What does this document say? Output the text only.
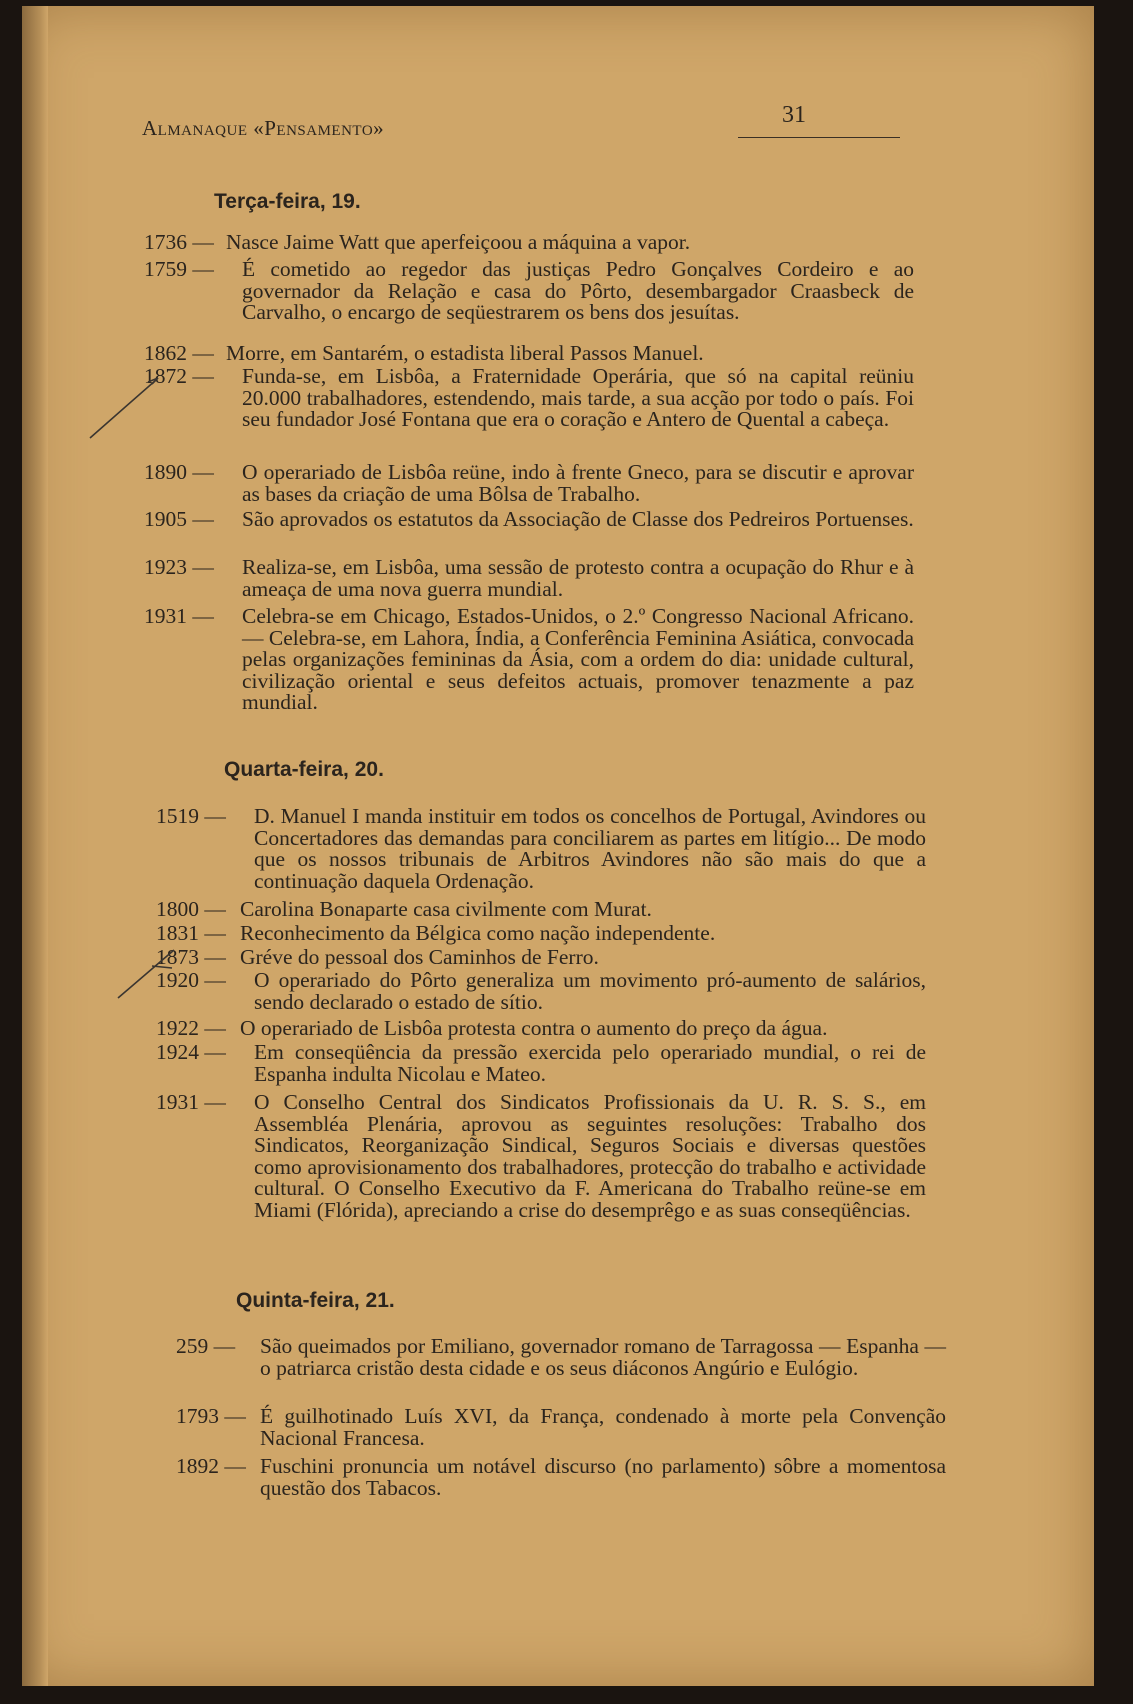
Almanaque «Pensamento»	31
Terça-feira, 19.
1736 — Nasce Jaime Watt que aperfeiçoou a máquina a vapor.
1759 —	É cometido ao regedor das justiças Pedro Gonçalves Cordeiro e ao governador da Relação e casa do Pôrto, desembargador Craasbeck de Carvalho, o encargo de seqüestrarem os bens dos jesuítas.
1862 — Morre, em Santarém, o estadista liberal Passos Manuel.
1872 —	Funda-se, em Lisbôa, a Fraternidade Operária, que só na capital reüniu 20.000 trabalhadores, estendendo, mais tarde, a sua acção por todo o país. Foi seu fundador José Fontana que era o coração e Antero de Quental a cabeça.
1890 —	O operariado de Lisbôa reüne, indo à frente Gneco, para se discutir e aprovar as bases da criação de uma Bôlsa de Trabalho.
1905 —	São aprovados os estatutos da Associação de Classe dos Pedreiros Portuenses.
1923 —	Realiza-se, em Lisbôa, uma sessão de protesto contra a ocupação do Rhur e à ameaça de uma nova guerra mundial.
1931 —	Celebra-se em Chicago, Estados-Unidos, o 2.º Congresso Nacional Africano. — Celebra-se, em Lahora, Índia, a Conferência Feminina Asiática, convocada pelas organizações femininas da Ásia, com a ordem do dia: unidade cultural, civilização oriental e seus defeitos actuais, promover tenazmente a paz mundial.
Quarta-feira, 20.
1519 —	D. Manuel I manda instituir em todos os concelhos de Portugal, Avindores ou Concertadores das demandas para conciliarem as partes em litígio... De modo que os nossos tribunais de Arbitros Avindores não são mais do que a continuação daquela Ordenação.
1800 — Carolina Bonaparte casa civilmente com Murat.
1831 — Reconhecimento da Bélgica como nação independente.
1873 — Gréve do pessoal dos Caminhos de Ferro.
1920 —	O operariado do Pôrto generaliza um movimento pró-aumento de salários, sendo declarado o estado de sítio.
1922 — O operariado de Lisbôa protesta contra o aumento do preço da água.
1924 —	Em conseqüência da pressão exercida pelo operariado mundial, o rei de Espanha indulta Nicolau e Mateo.
1931 —	O Conselho Central dos Sindicatos Profissionais da U. R. S. S., em Assembléa Plenária, aprovou as seguintes resoluções: Trabalho dos Sindicatos, Reorganização Sindical, Seguros Sociais e diversas questões como aprovisionamento dos trabalhadores, protecção do trabalho e actividade cultural. O Conselho Executivo da F. Americana do Trabalho reüne-se em Miami (Flórida), apreciando a crise do desemprêgo e as suas conseqüências.
Quinta-feira, 21.
259 —	São queimados por Emiliano, governador romano de Tarragossa — Espanha — o patriarca cristão desta cidade e os seus diáconos Angúrio e Eulógio.
1793 — É guilhotinado Luís XVI, da França, condenado à morte pela Convenção Nacional Francesa.
1892 — Fuschini pronuncia um notável discurso (no parlamento) sôbre a momentosa questão dos Tabacos.
